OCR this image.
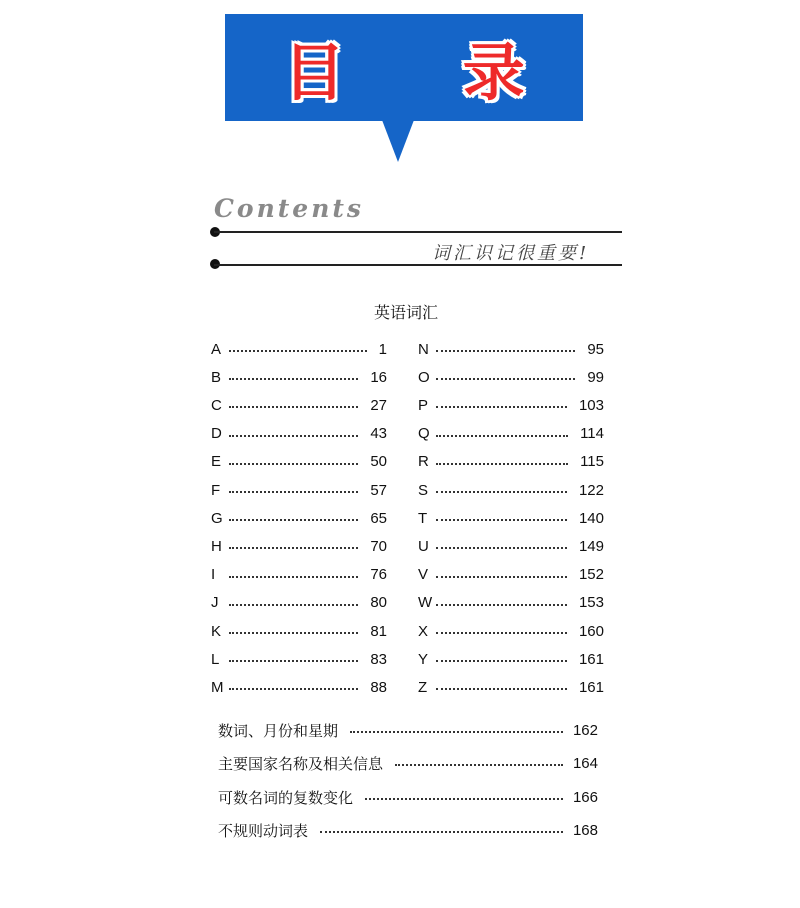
目 录
Contents
词汇识记很重要!
英语词汇
A	1
B	16
C	27
D	43
E	50
F	57
G	65
H	70
I	76
J	80
K	81
L	83
M	88
N	95
O	99
P	103
Q	114
R	115
S	122
T	140
U	149
V	152
W	153
X	160
Y	161
Z	161
数词、月份和星期	162
主要国家名称及相关信息	164
可数名词的复数变化	166
不规则动词表	168
